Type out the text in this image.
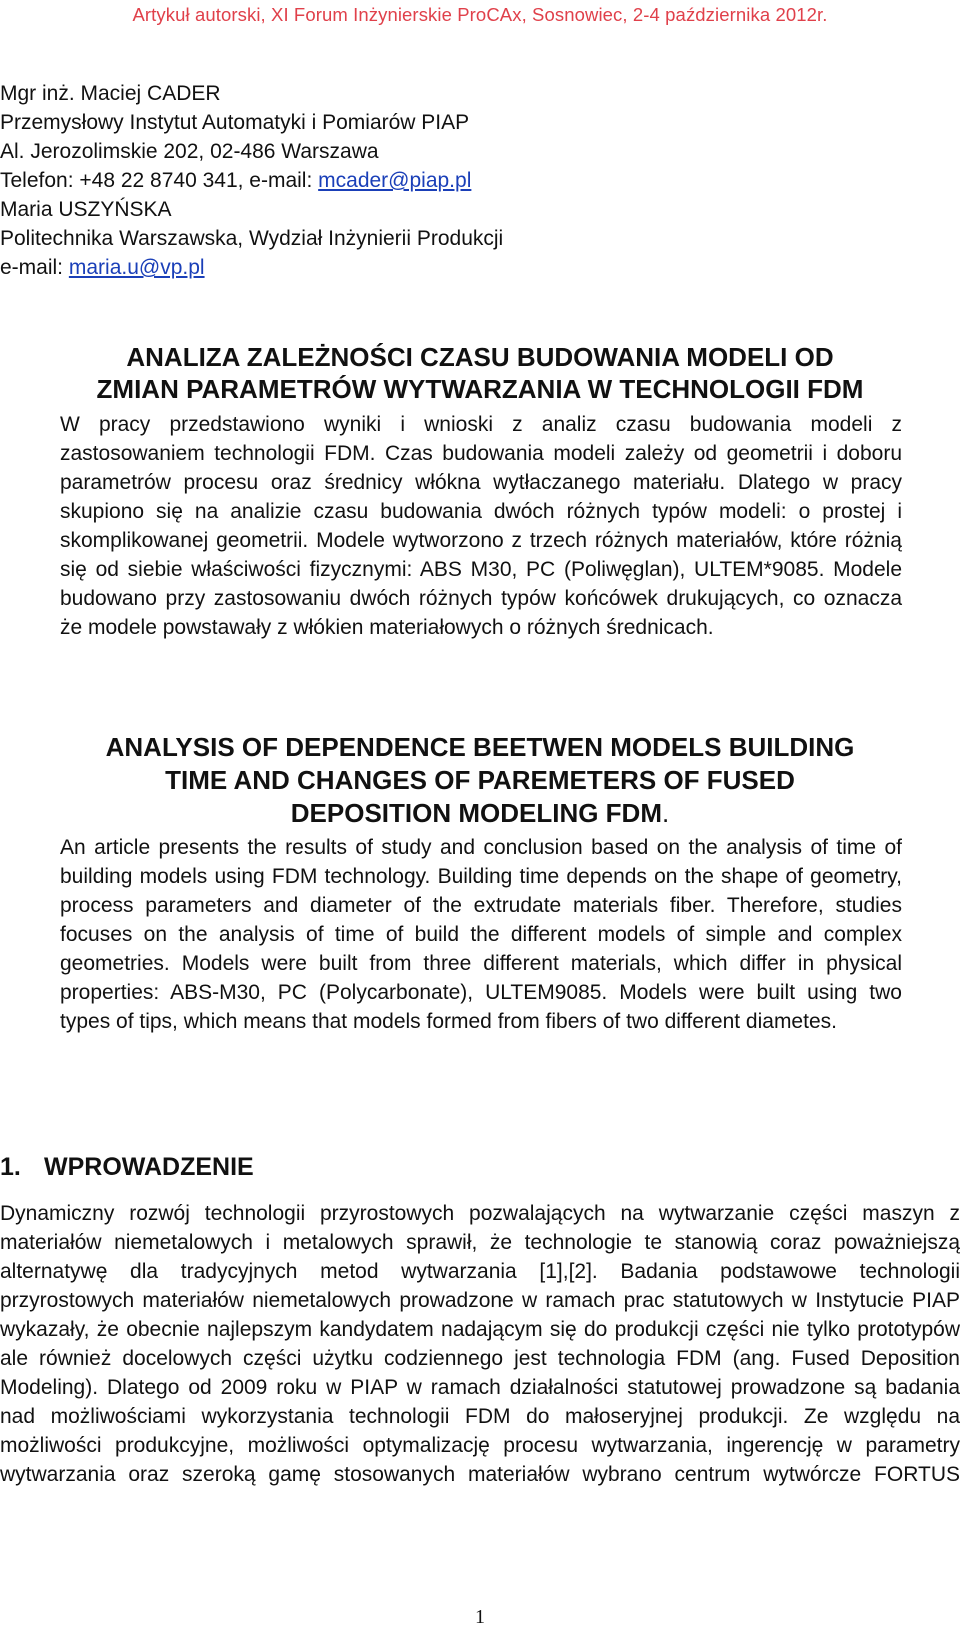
Artykuł autorski, XI Forum Inżynierskie ProCAx, Sosnowiec, 2-4 października 2012r.
Mgr inż. Maciej CADER
Przemysłowy Instytut Automatyki i Pomiarów PIAP
Al. Jerozolimskie 202, 02-486 Warszawa
Telefon: +48 22 8740 341, e-mail: mcader@piap.pl
Maria USZYŃSKA
Politechnika Warszawska, Wydział Inżynierii Produkcji
e-mail: maria.u@vp.pl
ANALIZA ZALEŻNOŚCI CZASU BUDOWANIA MODELI OD
ZMIAN PARAMETRÓW WYTWARZANIA W TECHNOLOGII FDM
W pracy przedstawiono wyniki i wnioski z analiz czasu budowania modeli z zastosowaniem technologii FDM. Czas budowania modeli zależy od geometrii i doboru parametrów procesu oraz średnicy włókna wytłaczanego materiału. Dlatego w pracy skupiono się na analizie czasu budowania dwóch różnych typów modeli: o prostej i skomplikowanej geometrii. Modele wytworzono z trzech różnych materiałów, które różnią się od siebie właściwości fizycznymi: ABS M30, PC (Poliwęglan), ULTEM*9085. Modele budowano przy zastosowaniu dwóch różnych typów końcówek drukujących, co oznacza że modele powstawały z włókien materiałowych o różnych średnicach.
ANALYSIS OF DEPENDENCE BEETWEN MODELS BUILDING
TIME AND CHANGES OF PAREMETERS OF FUSED
DEPOSITION MODELING FDM.
An article presents the results of study and conclusion based on the analysis of time of building models using FDM technology. Building time depends on the shape of geometry, process parameters and diameter of the extrudate materials fiber. Therefore, studies focuses on the analysis of time of build the different models of simple and complex geometries. Models were built from three different materials, which differ in physical properties: ABS-M30, PC (Polycarbonate), ULTEM9085. Models were built using two types of tips, which means that models formed from fibers of two different diametes.
1. WPROWADZENIE
Dynamiczny rozwój technologii przyrostowych pozwalających na wytwarzanie części maszyn z materiałów niemetalowych i metalowych sprawił, że technologie te stanowią coraz poważniejszą alternatywę dla tradycyjnych metod wytwarzania [1],[2]. Badania podstawowe technologii przyrostowych materiałów niemetalowych prowadzone w ramach prac statutowych w Instytucie PIAP wykazały, że obecnie najlepszym kandydatem nadającym się do produkcji części nie tylko prototypów ale również docelowych części użytku codziennego jest technologia FDM (ang. Fused Deposition Modeling). Dlatego od 2009 roku w PIAP w ramach działalności statutowej prowadzone są badania nad możliwościami wykorzystania technologii FDM do małoseryjnej produkcji. Ze względu na możliwości produkcyjne, możliwości optymalizację procesu wytwarzania, ingerencję w parametry wytwarzania oraz szeroką gamę stosowanych materiałów wybrano centrum wytwórcze FORTUS
1
